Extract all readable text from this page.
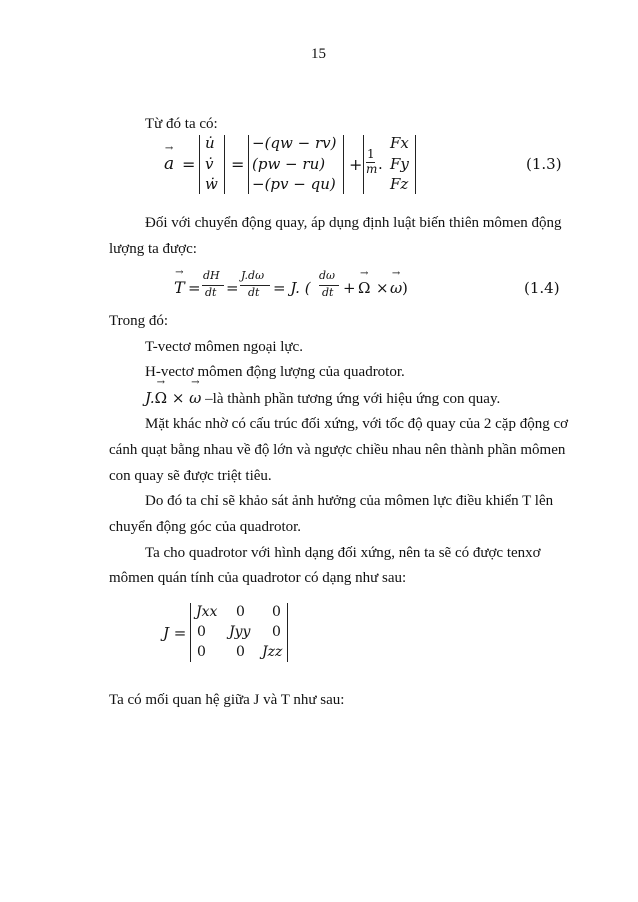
15
Từ đó ta có:
→ a =
u̇
v̇
ẇ
=
−(qw − rv)
(pw − ru)
−(pv − qu)
+
1
m .
Fx
Fy
Fz
(1.3)
Đối với chuyển động quay, áp dụng định luật biến thiên mômen động
lượng ta được:
→ T =
dH
dt =
J.dω
dt = J. (
dω
dt + → Ω × → ω )	(1.4)
Trong đó:
T-vectơ mômen ngoại lực.
H-vectơ mômen động lượng của quadrotor.
J.→ Ω × → ω –là thành phần tương ứng với hiệu ứng con quay.
Mặt khác nhờ có cấu trúc đối xứng, với tốc độ quay của 2 cặp động cơ
cánh quạt bằng nhau về độ lớn và ngược chiều nhau nên thành phần mômen
con quay sẽ được triệt tiêu.
Do đó ta chỉ sẽ khảo sát ảnh hưởng của mômen lực điều khiển T lên
chuyển động góc của quadrotor.
Ta cho quadrotor với hình dạng đối xứng, nên ta sẽ có được tenxơ
mômen quán tính của quadrotor có dạng như sau:
J =
Jxx 0 0
0 Jyy 0
0 0 Jzz
Ta có mối quan hệ giữa J và T như sau:
